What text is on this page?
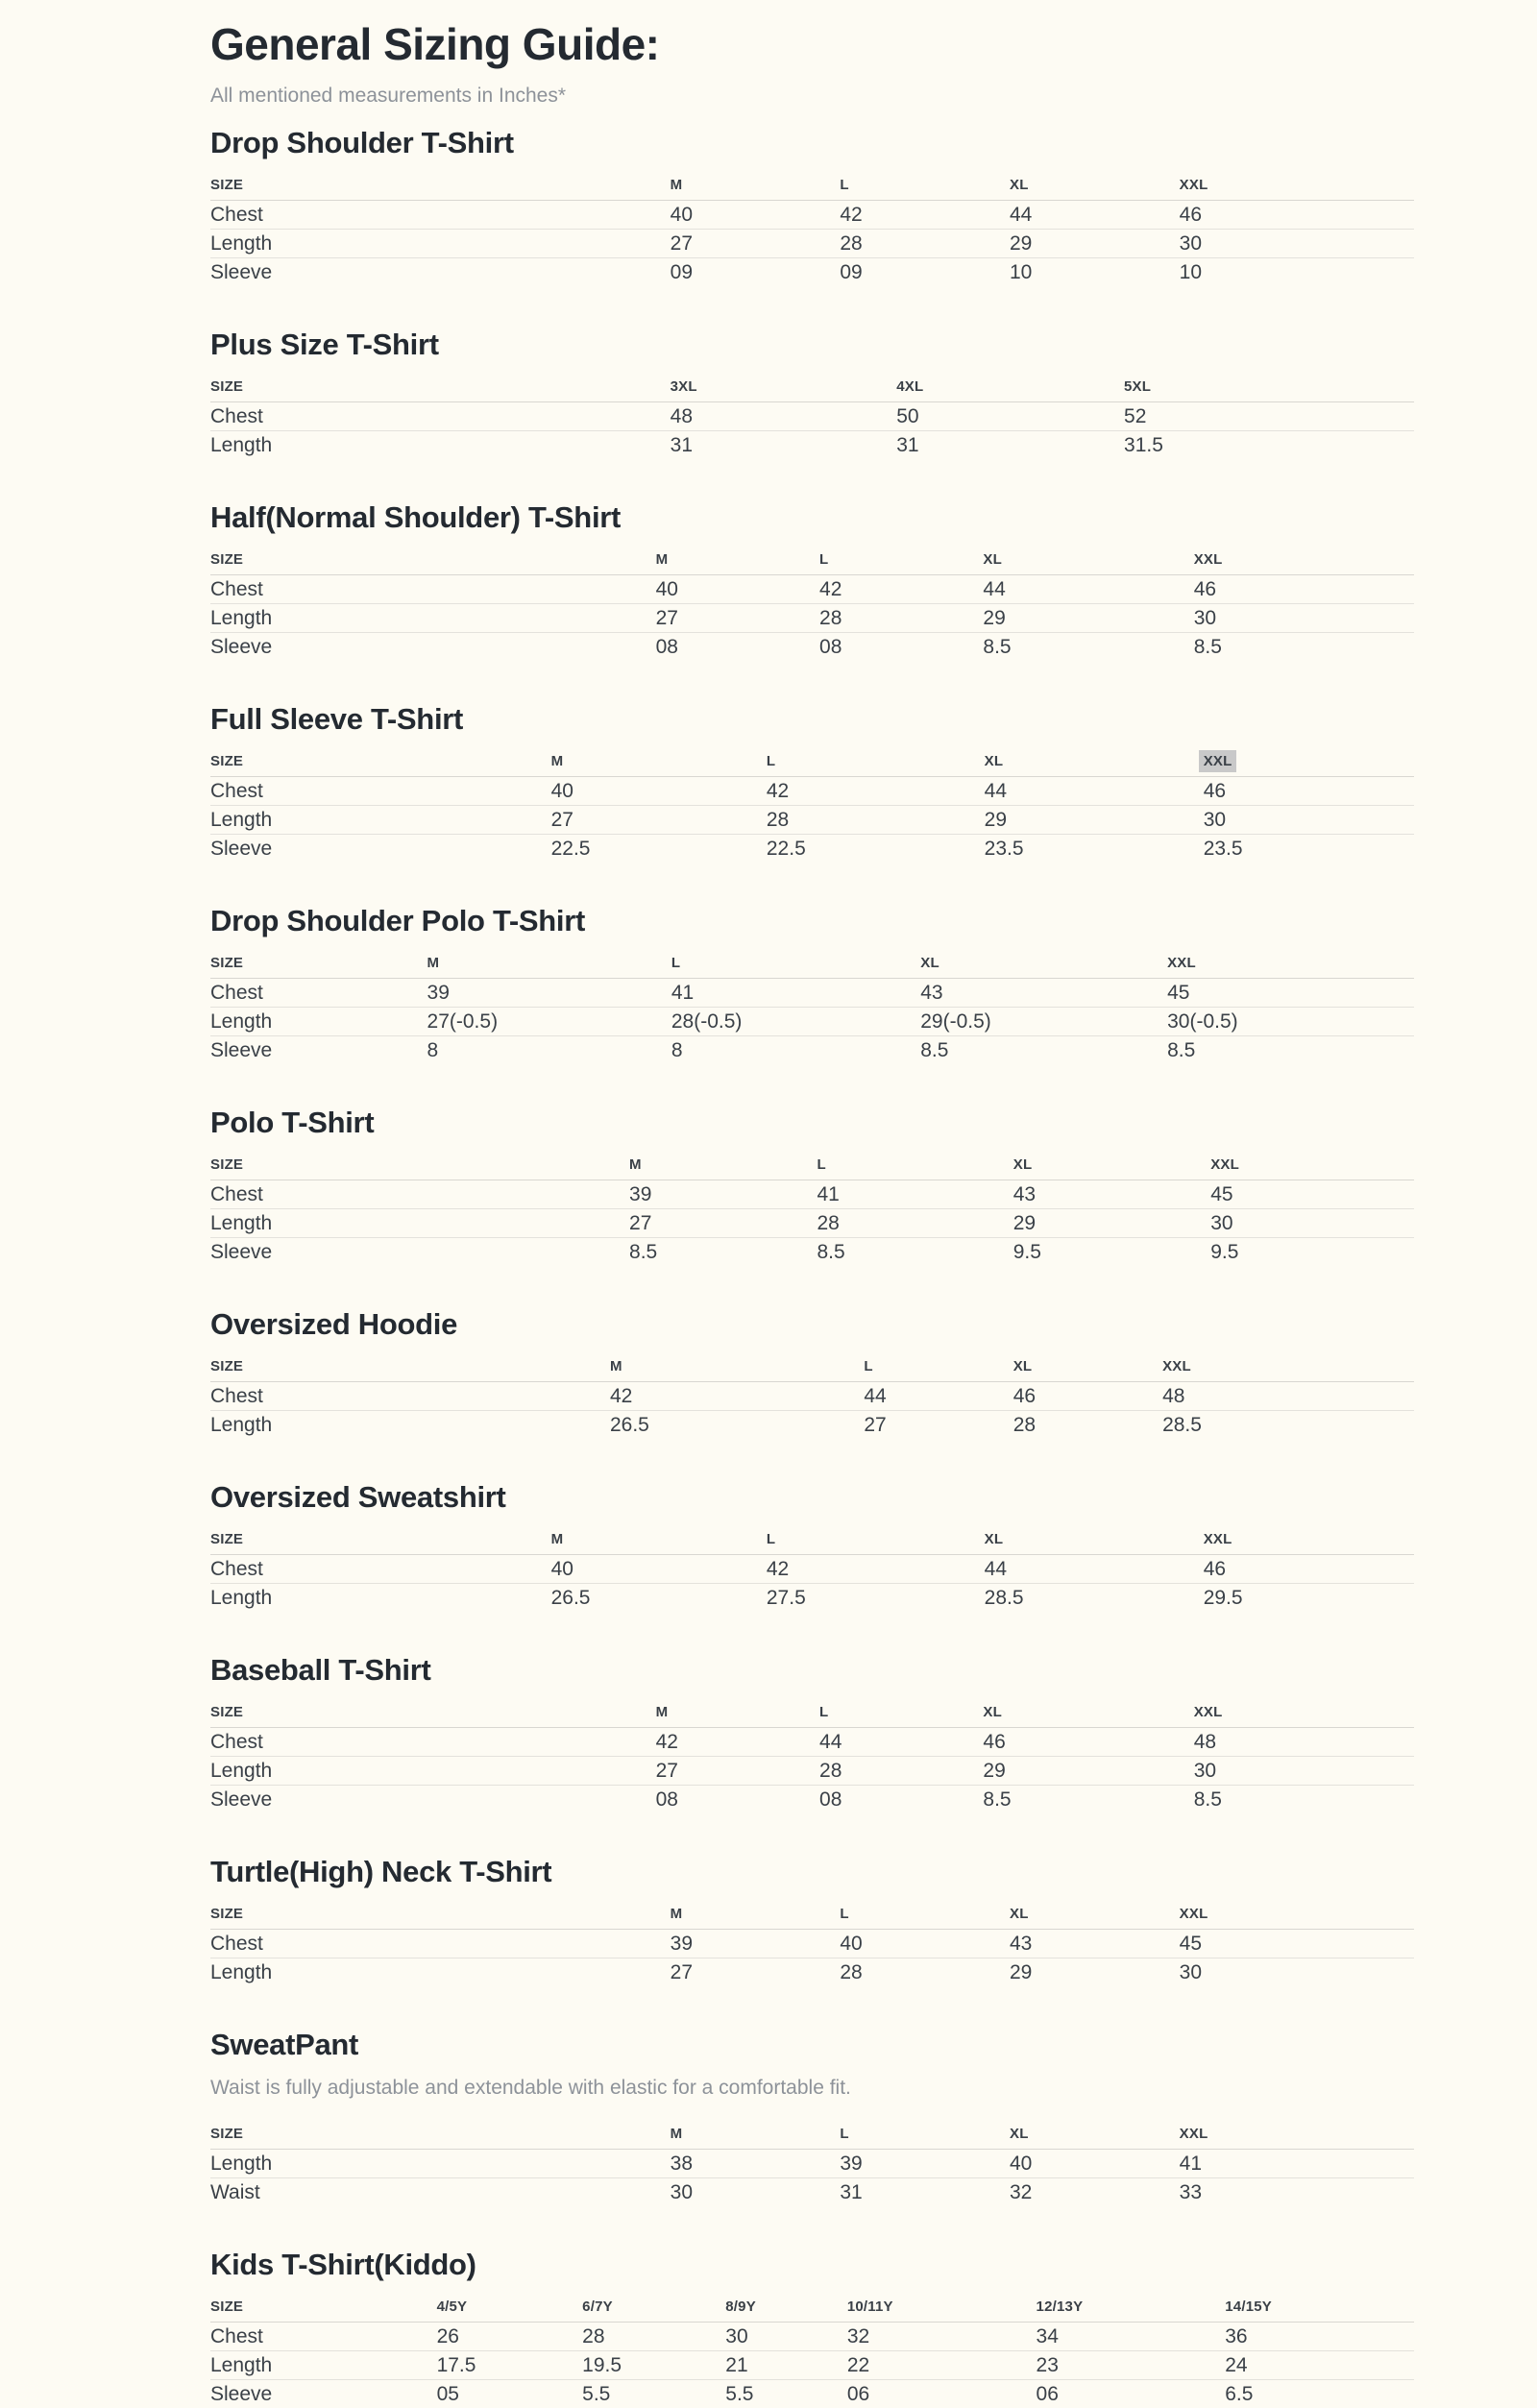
General Sizing Guide:

All mentioned measurements in Inches*

Drop Shoulder T-Shirt
SIZE	M	L	XL	XXL
Chest	40	42	44	46
Length	27	28	29	30
Sleeve	09	09	10	10
Plus Size T-Shirt
SIZE	3XL	4XL	5XL
Chest	48	50	52
Length	31	31	31.5
Half(Normal Shoulder) T-Shirt
SIZE	M	L	XL	XXL
Chest	40	42	44	46
Length	27	28	29	30
Sleeve	08	08	8.5	8.5
Full Sleeve T-Shirt
SIZE	M	L	XL	XXL
Chest	40	42	44	46
Length	27	28	29	30
Sleeve	22.5	22.5	23.5	23.5
Drop Shoulder Polo T-Shirt
SIZE	M	L	XL	XXL
Chest	39	41	43	45
Length	27(-0.5)	28(-0.5)	29(-0.5)	30(-0.5)
Sleeve	8	8	8.5	8.5
Polo T-Shirt
SIZE	M	L	XL	XXL
Chest	39	41	43	45
Length	27	28	29	30
Sleeve	8.5	8.5	9.5	9.5
Oversized Hoodie
SIZE	M	L	XL	XXL
Chest	42	44	46	48
Length	26.5	27	28	28.5
Oversized Sweatshirt
SIZE	M	L	XL	XXL
Chest	40	42	44	46
Length	26.5	27.5	28.5	29.5
Baseball T-Shirt
SIZE	M	L	XL	XXL
Chest	42	44	46	48
Length	27	28	29	30
Sleeve	08	08	8.5	8.5
Turtle(High) Neck T-Shirt
SIZE	M	L	XL	XXL
Chest	39	40	43	45
Length	27	28	29	30
SweatPant

Waist is fully adjustable and extendable with elastic for a comfortable fit.

SIZE	M	L	XL	XXL
Length	38	39	40	41
Waist	30	31	32	33
Kids T-Shirt(Kiddo)
SIZE	4/5Y	6/7Y	8/9Y	10/11Y	12/13Y	14/15Y
Chest	26	28	30	32	34	36
Length	17.5	19.5	21	22	23	24
Sleeve	05	5.5	5.5	06	06	6.5
